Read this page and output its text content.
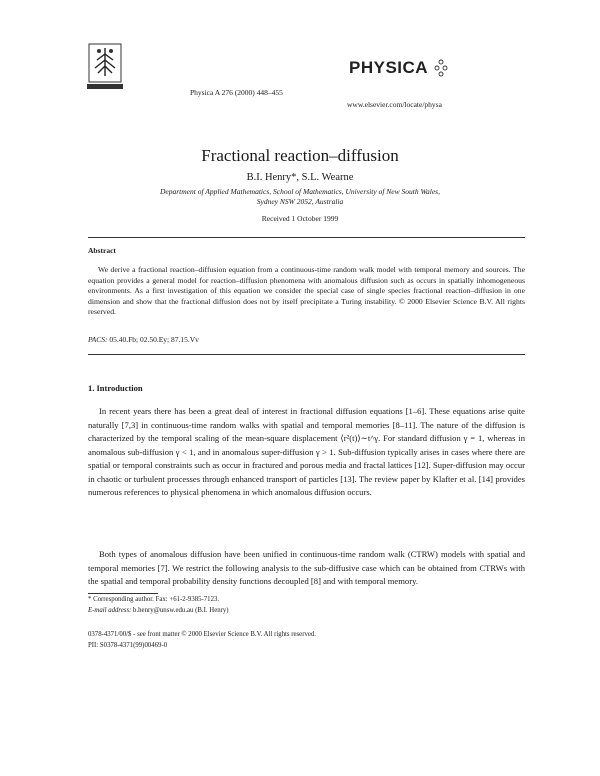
Physica A 276 (2000) 448–455
PHYSICA
www.elsevier.com/locate/physa
Fractional reaction–diffusion
B.I. Henry*, S.L. Wearne
Department of Applied Mathematics, School of Mathematics, University of New South Wales,
Sydney NSW 2052, Australia
Received 1 October 1999
Abstract
We derive a fractional reaction–diffusion equation from a continuous-time random walk model with temporal memory and sources. The equation provides a general model for reaction–diffusion phenomena with anomalous diffusion such as occurs in spatially inhomogeneous environments. As a first investigation of this equation we consider the special case of single species fractional reaction–diffusion in one dimension and show that the fractional diffusion does not by itself precipitate a Turing instability. © 2000 Elsevier Science B.V. All rights reserved.
PACS: 05.40.Fb; 02.50.Ey; 87.15.Vv
1. Introduction
In recent years there has been a great deal of interest in fractional diffusion equations [1–6]. These equations arise quite naturally [7,3] in continuous-time random walks with spatial and temporal memories [8–11]. The nature of the diffusion is characterized by the temporal scaling of the mean-square displacement ⟨r²(t)⟩∼t^γ. For standard diffusion γ = 1, whereas in anomalous sub-diffusion γ < 1, and in anomalous super-diffusion γ > 1. Sub-diffusion typically arises in cases where there are spatial or temporal constraints such as occur in fractured and porous media and fractal lattices [12]. Super-diffusion may occur in chaotic or turbulent processes through enhanced transport of particles [13]. The review paper by Klafter et al. [14] provides numerous references to physical phenomena in which anomalous diffusion occurs.
Both types of anomalous diffusion have been unified in continuous-time random walk (CTRW) models with spatial and temporal memories [7]. We restrict the following analysis to the sub-diffusive case which can be obtained from CTRWs with the spatial and temporal probability density functions decoupled [8] and with temporal memory.
* Corresponding author. Fax: +61-2-9385-7123.
E-mail address: b.henry@unsw.edu.au (B.I. Henry)
0378-4371/00/$ - see front matter © 2000 Elsevier Science B.V. All rights reserved.
PII: S0378-4371(99)00469-0
